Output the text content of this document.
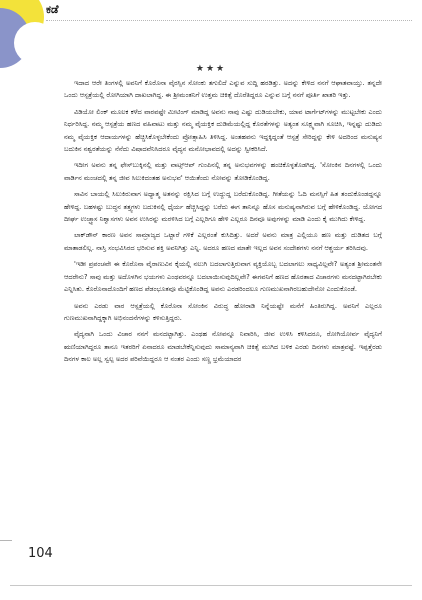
ಕಡೆ
★★★

ಇದಾದ ಆರೇ ತಿಂಗಳಲ್ಲಿ ಅವನಿಗೆ ಕೊರೊನಾ ವೈರಸ್ಸಿನ ಸೋಂಕು ತಗುಲಿದೆ ಎನ್ನುವ ಸುದ್ದಿ ಹರಡಿತ್ತು. ಅದನ್ನು ಕೇಳಿದ ನನಗೆ ಆಘಾತವಾಯ್ತು. ತನ್ನದೇ ಒಂದು ಆಸ್ಪತ್ರೆಯಲ್ಲಿ ರೋಗಿಯಾಗಿ ದಾಖಲಾಗಿದ್ದ. ಈ ಶ್ರೀಮಂತನಿಗೆ ಉತ್ತಮ ಚಿಕಿತ್ಸೆ ದೊರೆತಿದ್ದರೂ ಎನ್ನುವ ಬಗ್ಗೆ ನನಗೆ ಪೂರ್ತಿ ಖಾತರಿ ಇತ್ತು.

ವಿಡಿಯೋ ಲಿಂಕ್ ಮೂಲಕ ಕಳೆದ ವಾರವಷ್ಟೇ ಮೀಟಿಂಗ್ ಮಾಡಿದ್ದ ಅವನು ನಾವು ಎಷ್ಟು ದುಡಿಯಬೇಕು, ಯಾವ ಟಾರ್ಗೆಟ್‌ಗಳನ್ನು ಮುಟ್ಟಬೇಕು ಎಂದು ನಿರ್ಧರಿಸಿದ್ದ. ನಮ್ಮ ಆಸ್ಪತ್ರೆಯ ಹಣದ ವಹಿವಾಟು ಮತ್ತು ನಮ್ಮ ವೈಯಕ್ತಿಕ ದುಡಿಮೆಯಲ್ಲಿದ್ದ ಕೊರತೆಗಳನ್ನು ಅತ್ಯಂತ ಸೂಕ್ಷ್ಮವಾಗಿ ಸೂಚಿಸಿ, ಇನ್ನಷ್ಟು ದುಡಿದು ನಮ್ಮ ವೈಯಕ್ತಿಕ ಆದಾಯಗಳನ್ನು ಹೆಚ್ಚಿಸಿಕೊಳ್ಳಬೇಕೆಂದು ಪ್ರೋತ್ಸಾಹಿಸಿ ತಿಳಿಸಿದ್ದ. ಅಂತಹವನು ಇದ್ದಕ್ಕಿದ್ದಂತೆ ಆಸ್ಪತ್ರೆ ಸೇರಿದ್ದನ್ನು ಕೇಳಿ ಅದರಿಂದ ಮನುಷ್ಯನ ಬದುಕಿನ ನಶ್ವರತೆಯನ್ನು ನೆನೆದು ವಿಷಾದವೆನಿಸಿದರೂ ವೈದ್ಯನ ಮನೋಭಾವದಲ್ಲಿ ಅದನ್ನು ಸ್ವೀಕರಿಸಿದೆ.

ಇದೀಗ ಅವನು ತನ್ನ ಫೇಸ್‌ಬುಕ್ಕಿನಲ್ಲಿ ಮತ್ತು ವಾಟ್ಸ್ಆಪ್ ಗುಂಪಿನಲ್ಲಿ ತನ್ನ ಅನುಭವಗಳನ್ನು ಹಂಚಿಕೊಳ್ಳತೊಡಗಿದ್ದ. 'ಸೋಂಕಿನ ದಿನಗಳಲ್ಲಿ ಒಂದು ವಾರ್ಡಿನ ಮಂಚದಲ್ಲಿ ತನ್ನ ಜೀವ ಸಿಲುಕಿದಂತಹ ಅನುಭವ' ಆಯಿತೆಂದು ನೋವನ್ನು ತೋಡಿಕೊಂಡಿದ್ದ.

ಸಾವಿನ ಬಾಯಲ್ಲಿ ಸಿಲುಕಿರುವಾಗ ಅಧ್ಯಾತ್ಮ ಅತನನ್ನು ರಕ್ಷಿಸಿದ ಬಗ್ಗೆ ಉದ್ದುದ್ದ ಬರೆದುಕೊಂಡಿದ್ದ. ಗೀತೆಯನ್ನು ಓದಿ ಮನಸ್ಸಿಗೆ ಹಿತ ತಂದುಕೊಂಡದ್ದನ್ನೂ ಹೇಳಿದ್ದ. ಬಹಳಷ್ಟು ಬುದ್ಧನ ತತ್ತ್ವಗಳು ಬದುಕಿನಲ್ಲಿ ಧೈರ್ಯ ಹೆಚ್ಚಿಸಿದ್ದನ್ನು ಬರೆದು ಈಗ ತಾನಿನ್ನೂ ಹೊಸ ಮನುಷ್ಯನಾಗಿರುವ ಬಗ್ಗೆ ಹೇಳಿಕೊಂಡಿದ್ದ. ಯೋಗದ ದೀರ್ಘ ಉಚ್ಛ್ವಾಸ ನಿಶ್ವಾಸಗಳು ಅವನ ಉಸಿರನ್ನು ಮರಳಿಸಿದ ಬಗ್ಗೆ ಎಲ್ಲರಿಗೂ ಹೇಳಿ ಎಲ್ಲರೂ ದಿನವೂ ಅವುಗಳನ್ನು ಮಾಡಿ ಎಂದು ಕೈ ಮುಗಿದು ಕೇಳಿದ್ದ.

ಲಾಕ್‌ಡೌನ್ ಕಾರಣ ಅವನ ಸಾಮ್ರಾಜ್ಯದ ಒಟ್ಟಾರೆ ಗಳಿಕೆ ಎಲ್ಲರಂತೆ ಕುಸಿದಿತ್ತು. ಅದರೆ ಅವನು ಮಾತ್ರ ಎಲ್ಲಿಯೂ ಹಣ ಮತ್ತು ದುಡಿತದ ಬಗ್ಗೆ ಮಾತಾಡಲಿಲ್ಲ. ನಾಸ್ತಿ ಸಂಭವಿಸಿರದ ಭರಿಸುವ ಶಕ್ತಿ ಅವನಿಗಿತ್ತು ಎನ್ನಿ. ಅದರೂ ಹಣದ ಮಾತೇ ಇಲ್ಲದ ಅವನ ಸಂದೇಶಗಳು ನನಗೆ ಆಶ್ಚರ್ಯ ತರಿಸಿದವು.

'ಇಡೀ ಪ್ರಪಂಚವೇ ಈ ಕೊರೊನಾ ವೈರಾಣುವಿನ ಕೈಯಲ್ಲಿ ನಲುಗಿ ಬದಲಾಗುತ್ತಿರುವಾಗ ವ್ಯಕ್ತಿಯೊಬ್ಬ ಬದಲಾಗಲು ಸಾಧ್ಯವಿಲ್ಲವೇ? ಅತ್ಯಂತ ಶ್ರೀಮಂತನೇ ಆದರೇನು? ಸಾವು ಮತ್ತು ಅದೊಳಗಿನ ಭಯಗಳು ಎಂಥವರನ್ನೂ ಬದಲಾಯಿಸುವುದಿಲ್ಲವೇ? ಈಗವನಿಗೆ ಹಣದ ಹೊರತಾದ ವಿಚಾರಗಳು ಮನದಟ್ಟಾಗಿರಬೇಕು ಎನ್ನಿಸಿತು. ಕೊರೊನಾದೊಂದಿಗೆ ಹಣದ ಪೆಡಂಭೂತವೂ ಮೆಟ್ಟಿಕೊಂಡಿದ್ದ ಅವನು ಎರಡರಿಂದಲೂ ಗುಣಮುಖನಾಗಿರಬಹುದೇನೋ ಎಂದುಕೊಂಡೆ.

ಅವನು ಎರಡು ವಾರ ಆಸ್ಪತ್ರೆಯಲ್ಲಿ ಕೊರೊನಾ ಸೋಂಕಿನ ವಿರುದ್ಧ ಹೋರಾಡಿ ನಿನ್ನೆಯಷ್ಟೇ ಮನೆಗೆ ಹಿಂತಿರುಗಿದ್ದ. ಅವನಿಗೆ ಎಲ್ಲರೂ ಗುಣಮುಖನಾಗಿದ್ದಕ್ಕಾಗಿ ಅಭಿನಂದನೆಗಳನ್ನು ಕಳಿಸುತ್ತಿದ್ದರು.

ವೈದ್ಯನಾಗಿ ಒಂದು ವಿಚಾರ ನನಗೆ ಮನದಟ್ಟಾಗಿತ್ತು. ಎಂಥಹ ನೋವನ್ನೂ ನಿವಾರಿಸಿ, ಜೀವ ಉಳಿಸಿ ಕಳಿಸಿದರೂ, ರೋಗಿಯೋರ್ವ ವೈದ್ಯನಿಗೆ ಋಣಿಯಾಗಿದ್ದರೂ ತಾನೂ ಇತರರಿಗೆ ಏನಾದರೂ ಮಾಡಬೇಕೆನ್ನಿಸುವುದು ಸಾಮಾನ್ಯವಾಗಿ ಚಿಕಿತ್ಸೆ ಮುಗಿದ ಬಳಿಕ ಎರಡು ದಿನಗಳು ಮಾತ್ರವಷ್ಟೆ. ಇಪ್ಪತ್ತೆರಡು ದಿನಗಳ ಕಾಲ ಅಲ್ಲ ಸ್ವಲ್ಪ ಅದರ ಪರಿವೆಯಿದ್ದರೂ ಆ ನಂತರ ಎಂದು ಸಣ್ಣ ಭ್ರಮೆಯಾದರ

104
